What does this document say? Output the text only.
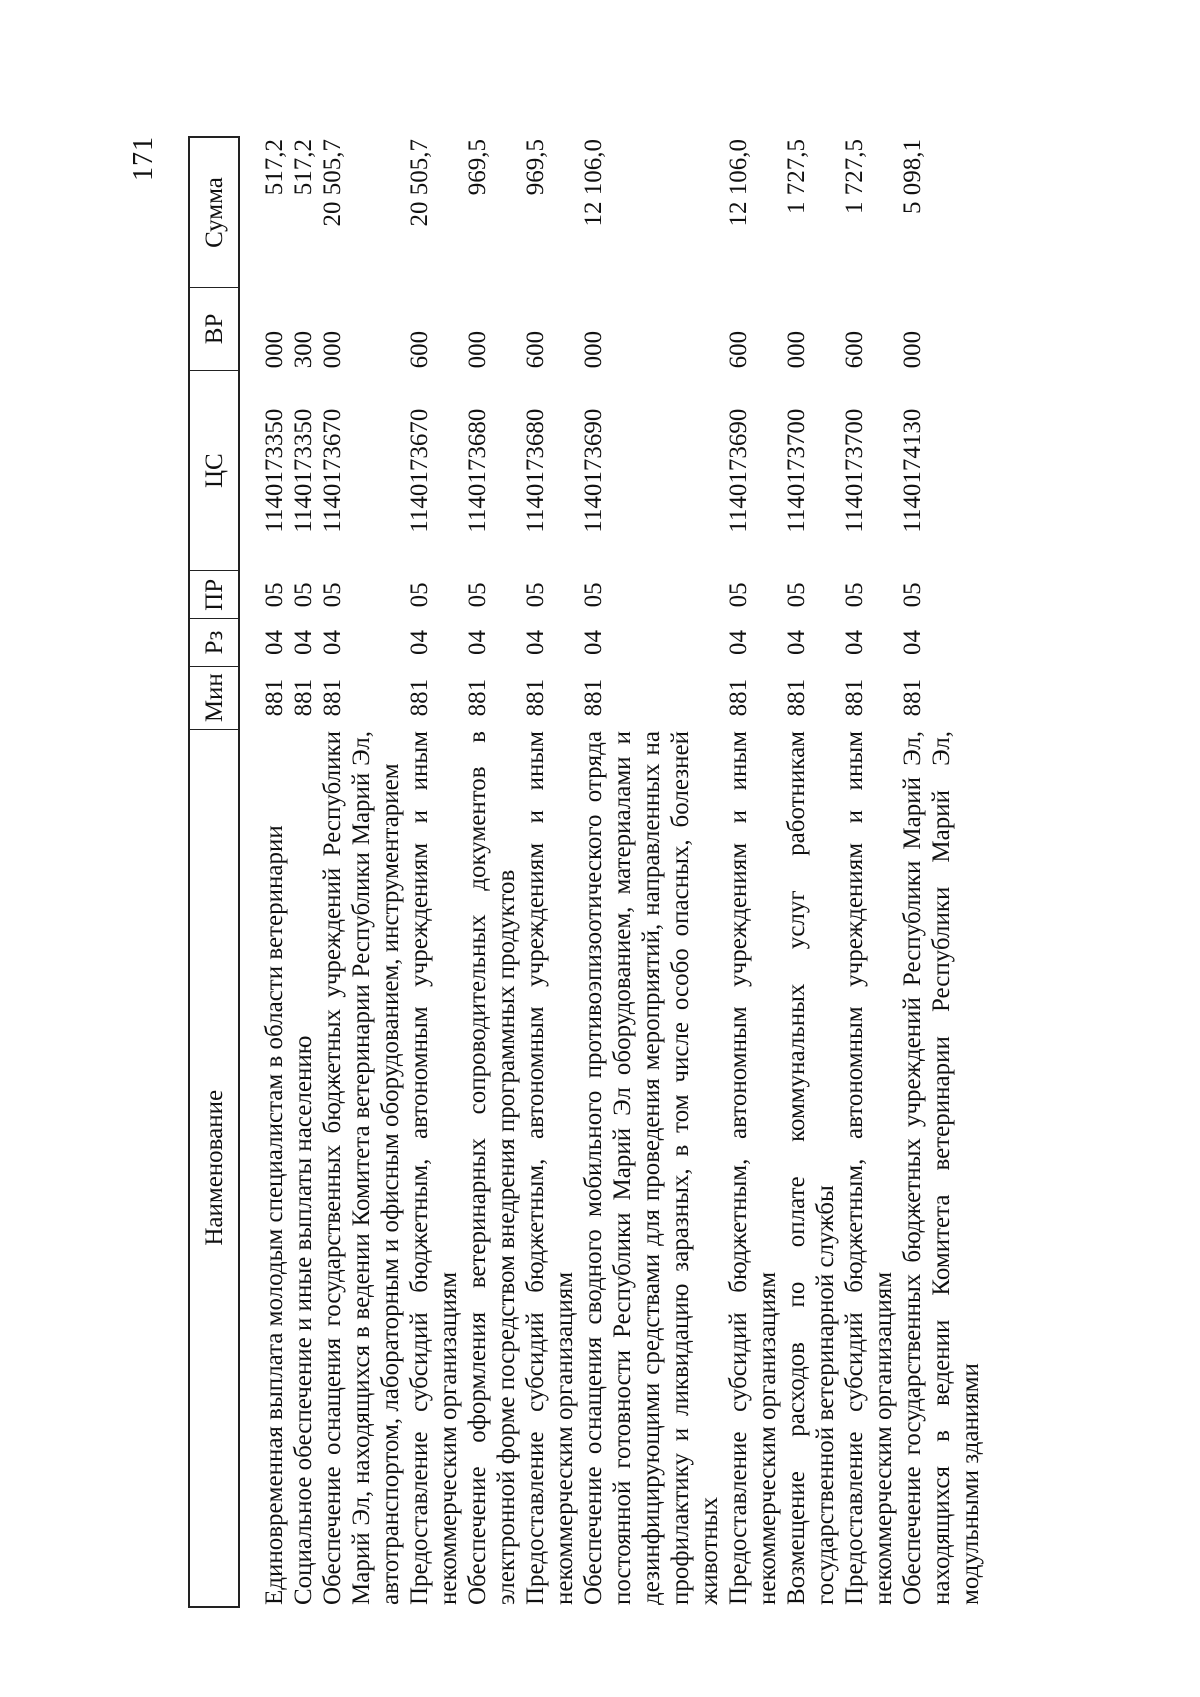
171
Наименование	Мин	Рз	ПР	ЦС	ВР	Сумма

Единовременная выплата молодым специалистам в области ветеринарии	881	04	05	1140173350	000	517,2
Социальное обеспечение и иные выплаты населению	881	04	05	1140173350	300	517,2
Обеспечение оснащения государственных бюджетных учреждений Республики Марий Эл, находящихся в ведении Комитета ветеринарии Республики Марий Эл, автотранспортом, лабораторным и офисным оборудованием, инструментарием	881	04	05	1140173670	000	20 505,7
Предоставление субсидий бюджетным, автономным учреждениям и иным некоммерческим организациям	881	04	05	1140173670	600	20 505,7
Обеспечение оформления ветеринарных сопроводительных документов в электронной форме посредством внедрения программных продуктов	881	04	05	1140173680	000	969,5
Предоставление субсидий бюджетным, автономным учреждениям и иным некоммерческим организациям	881	04	05	1140173680	600	969,5
Обеспечение оснащения сводного мобильного противоэпизоотического отряда постоянной готовности Республики Марий Эл оборудованием, материалами и дезинфицирующими средствами для проведения мероприятий, направленных на профилактику и ликвидацию заразных, в том числе особо опасных, болезней животных	881	04	05	1140173690	000	12 106,0
Предоставление субсидий бюджетным, автономным учреждениям и иным некоммерческим организациям	881	04	05	1140173690	600	12 106,0
Возмещение расходов по оплате коммунальных услуг работникам государственной ветеринарной службы	881	04	05	1140173700	000	1 727,5
Предоставление субсидий бюджетным, автономным учреждениям и иным некоммерческим организациям	881	04	05	1140173700	600	1 727,5
Обеспечение государственных бюджетных учреждений Республики Марий Эл, находящихся в ведении Комитета ветеринарии Республики Марий Эл, модульными зданиями	881	04	05	1140174130	000	5 098,1
